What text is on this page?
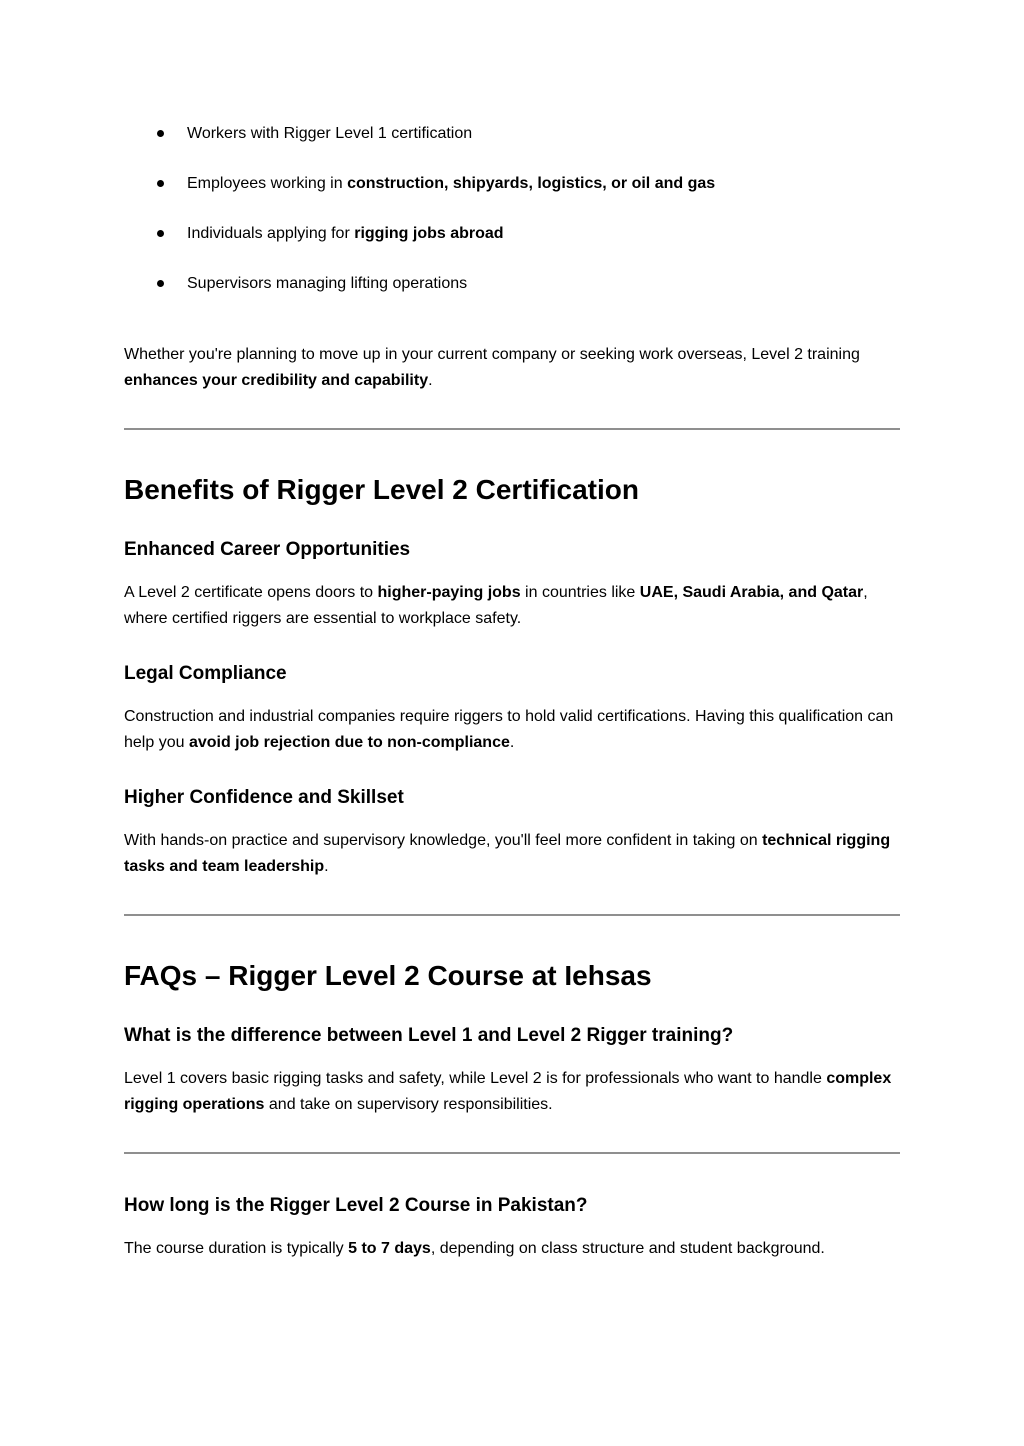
Workers with Rigger Level 1 certification
Employees working in construction, shipyards, logistics, or oil and gas
Individuals applying for rigging jobs abroad
Supervisors managing lifting operations

Whether you're planning to move up in your current company or seeking work overseas, Level 2 training enhances your credibility and capability.

Benefits of Rigger Level 2 Certification
Enhanced Career Opportunities

A Level 2 certificate opens doors to higher-paying jobs in countries like UAE, Saudi Arabia, and Qatar, where certified riggers are essential to workplace safety.

Legal Compliance

Construction and industrial companies require riggers to hold valid certifications. Having this qualification can help you avoid job rejection due to non-compliance.

Higher Confidence and Skillset

With hands-on practice and supervisory knowledge, you'll feel more confident in taking on technical rigging tasks and team leadership.

FAQs – Rigger Level 2 Course at Iehsas
What is the difference between Level 1 and Level 2 Rigger training?

Level 1 covers basic rigging tasks and safety, while Level 2 is for professionals who want to handle complex rigging operations and take on supervisory responsibilities.

How long is the Rigger Level 2 Course in Pakistan?

The course duration is typically 5 to 7 days, depending on class structure and student background.
